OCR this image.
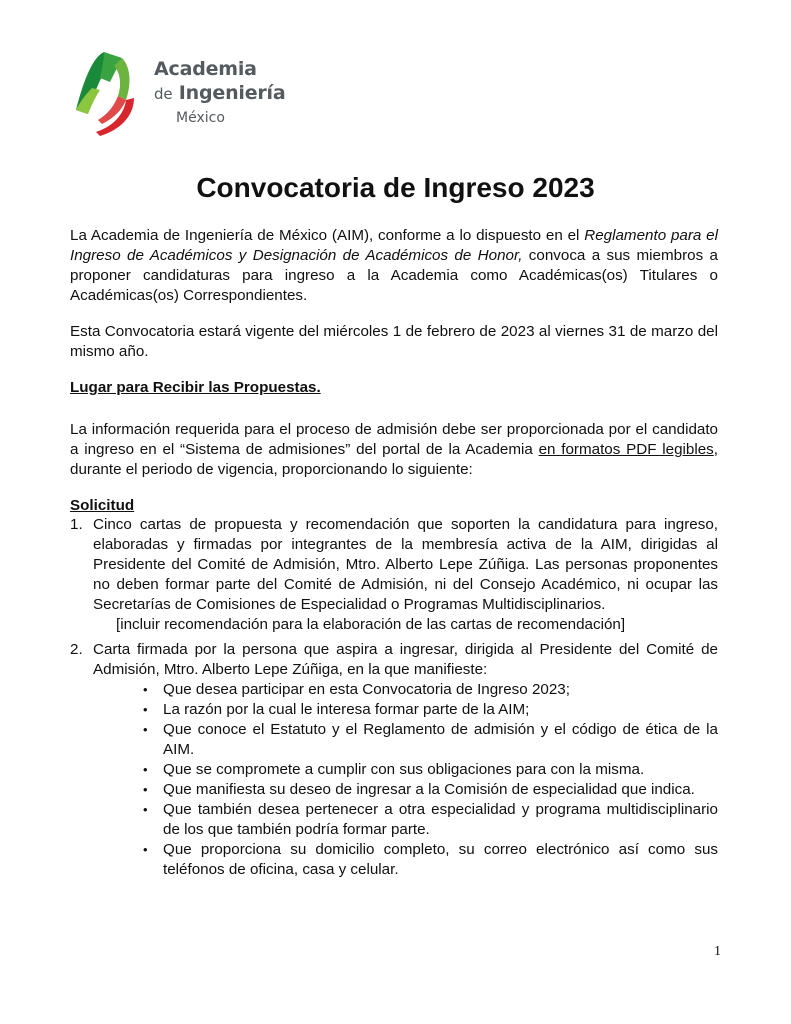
Academia
de Ingeniería
México
Convocatoria de Ingreso 2023

La Academia de Ingeniería de México (AIM), conforme a lo dispuesto en el Reglamento para el Ingreso de Académicos y Designación de Académicos de Honor, convoca a sus miembros a proponer candidaturas para ingreso a la Academia como Académicas(os) Titulares o Académicas(os) Correspondientes.

Esta Convocatoria estará vigente del miércoles 1 de febrero de 2023 al viernes 31 de marzo del mismo año.

Lugar para Recibir las Propuestas.

La información requerida para el proceso de admisión debe ser proporcionada por el candidato a ingreso en el “Sistema de admisiones” del portal de la Academia en formatos PDF legibles, durante el periodo de vigencia, proporcionando lo siguiente:

Solicitud

1. Cinco cartas de propuesta y recomendación que soporten la candidatura para ingreso, elaboradas y firmadas por integrantes de la membresía activa de la AIM, dirigidas al Presidente del Comité de Admisión, Mtro. Alberto Lepe Zúñiga. Las personas proponentes no deben formar parte del Comité de Admisión, ni del Consejo Académico, ni ocupar las Secretarías de Comisiones de Especialidad o Programas Multidisciplinarios.
[incluir recomendación para la elaboración de las cartas de recomendación]
2. Carta firmada por la persona que aspira a ingresar, dirigida al Presidente del Comité de Admisión, Mtro. Alberto Lepe Zúñiga, en la que manifieste:
• Que desea participar en esta Convocatoria de Ingreso 2023;
• La razón por la cual le interesa formar parte de la AIM;
• Que conoce el Estatuto y el Reglamento de admisión y el código de ética de la AIM.
• Que se compromete a cumplir con sus obligaciones para con la misma.
• Que manifiesta su deseo de ingresar a la Comisión de especialidad que indica.
• Que también desea pertenecer a otra especialidad y programa multidisciplinario de los que también podría formar parte.
• Que proporciona su domicilio completo, su correo electrónico así como sus teléfonos de oficina, casa y celular.
1
